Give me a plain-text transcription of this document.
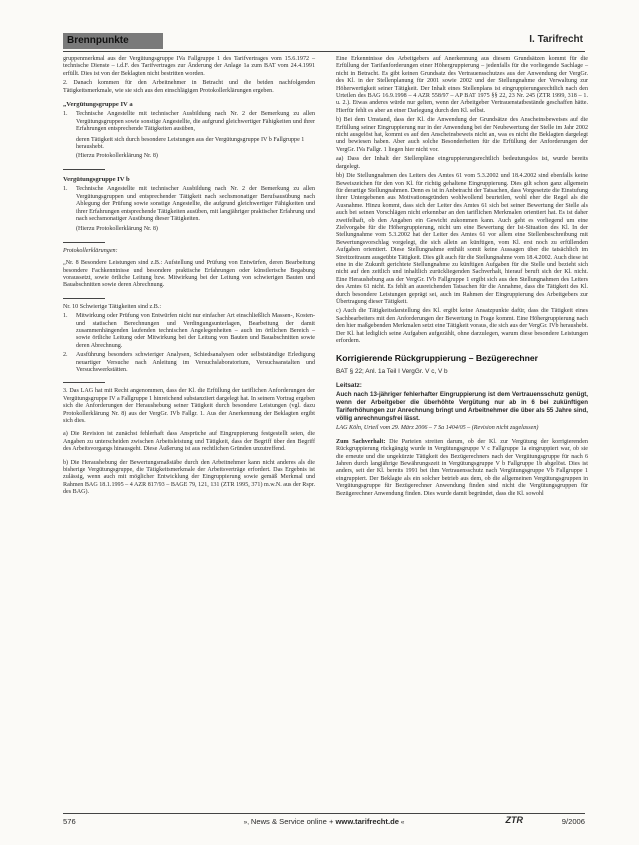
Brennpunkte	I. Tarifrecht

gruppenmerkmal aus der Vergütungsgruppe IVa Fallgruppe 1 des Tarifvertrages vom 15.6.1972 – technische Dienste – i.d.F. des Tarifvertrages zur Änderung der Anlage 1a zum BAT vom 24.4.1991 erfüllt. Dies ist von der Beklagten nicht bestritten worden.

2. Danach kommen für den Arbeitnehmer in Betracht und die beiden nachfolgenden Tätigkeitsmerkmale, wie sie sich aus den einschlägigen Protokollerklärungen ergeben.

„Vergütungsgruppe IV a
1. Technische Angestellte mit technischer Ausbildung nach Nr. 2 der Bemerkung zu allen Vergütungsgruppen sowie sonstige Angestellte, die aufgrund gleichwertiger Fähigkeiten und ihrer Erfahrungen entsprechende Tätigkeiten ausüben,
deren Tätigkeit sich durch besondere Leistungen aus der Vergütungsgruppe IV b Fallgruppe 1 heraushebt.
(Hierzu Protokollerklärung Nr. 8)
Vergütungsgruppe IV b
1. Technische Angestellte mit technischer Ausbildung nach Nr. 2 der Bemerkung zu allen Vergütungsgruppen und entsprechender Tätigkeit nach sechsmonatiger Berufsausübung nach Ablegung der Prüfung sowie sonstige Angestellte, die aufgrund gleichwertiger Fähigkeiten und ihrer Erfahrungen entsprechende Tätigkeiten ausüben, mit langjähriger praktischer Erfahrung und nach sechsmonatiger Ausübung dieser Tätigkeiten.
(Hierzu Protokollerklärung Nr. 8)
Protokollerklärungen:

„Nr. 8 Besondere Leistungen sind z.B.: Aufstellung und Prüfung von Entwürfen, deren Bearbeitung besondere Fachkenntnisse und besondere praktische Erfahrungen oder künstlerische Begabung voraussetzt, sowie örtliche Leitung bzw. Mitwirkung bei der Leitung von schwierigen Bauten und Bauabschnitten sowie deren Abrechnung.

Nr. 10 Schwierige Tätigkeiten sind z.B.:
1. Mitwirkung oder Prüfung von Entwürfen nicht nur einfacher Art einschließlich Massen-, Kosten- und statischen Berechnungen und Verdingungsunterlagen, Bearbeitung der damit zusammenhängenden laufenden technischen Angelegenheiten – auch im örtlichen Bereich – sowie örtliche Leitung oder Mitwirkung bei der Leitung von Bauten und Bauabschnitten sowie deren Abrechnung.
2. Ausführung besonders schwieriger Analysen, Schiedsanalysen oder selbstständige Erledigung neuartiger Versuche nach Anleitung im Versuchslaboratorium, Versuchsanstalten und Versuchswerkstätten.

3. Das LAG hat mit Recht angenommen, dass der Kl. die Erfüllung der tariflichen Anforderungen der Vergütungsgruppe IV a Fallgruppe 1 hinreichend substanziiert dargelegt hat. In seinem Vortrag ergeben sich die Anforderungen der Heraushebung seiner Tätigkeit durch besondere Leistungen (vgl. dazu Protokollerklärung Nr. 8) aus der VergGr. IVb Fallgr. 1. Aus der Anerkennung der Beklagten ergibt sich dies.

a) Die Revision ist zunächst fehlerhaft dass Ansprüche auf Eingruppierung festgestellt seien, die Angaben zu unterscheiden zwischen Arbeitsleistung und Tätigkeit, dass der Begriff über den Begriff des Arbeitsvorgangs hinausgeht. Diese Äußerung ist aus rechtlichen Gründen unzutreffend.

b) Die Heraushebung der Bewertungsmaßstäbe durch den Arbeitnehmer kann nicht anderes als die bisherige Vergütungsgruppe, die Tätigkeitsmerkmale der Arbeitsverträge erfordert. Das Ergebnis ist zulässig, wenn auch mit möglicher Entwicklung der Eingruppierung sowie gemäß Merkmal und Rahmen BAG 18.1.1995 – 4 AZR 817/93 – BAGE 79, 121, 131 (ZTR 1995, 371) m.w.N. aus der Rspr. des BAG).

Eine Erkenntnisse des Arbeitgebers auf Anerkennung aus diesem Grundsätzen kommt für die Erfüllung der Tarifanforderungen einer Höhergruppierung – jedenfalls für die vorliegende Sachlage – nicht in Betracht. Es gibt keinen Grundsatz des Vertrauensschutzes aus der Anwendung der VergGr. des Kl. in der Stellenplanung für 2001 sowie 2002 und der Stellungnahme der Verwaltung zur Höherwertigkeit seiner Tätigkeit. Der Inhalt eines Stellenplans ist eingruppierungsrechtlich nach den Urteilen des BAG 16.9.1998 – 4 AZR 558/97 – AP BAT 1975 §§ 22, 23 Nr. 245 (ZTR 1999, 318 – 1. u. 2.). Etwas anderes würde nur gelten, wenn der Arbeitgeber Vertrauenstatbestände geschaffen hätte. Hierfür fehlt es aber an einer Darlegung durch den Kl. selbst.

b) Bei dem Umstand, dass der Kl. die Anwendung der Grundsätze des Anscheinsbeweises auf die Erfüllung seiner Eingruppierung nur in der Anwendung bei der Neubewertung der Stelle im Jahr 2002 nicht ausgelöst hat, kommt es auf den Anscheinsbeweis nicht an, was es nicht die Beklagten dargelegt und bewiesen haben. Aber auch solche Besonderheiten für die Erfüllung der Anforderungen der VergGr. IVa Fallgr. 1 liegen hier nicht vor.

aa) Dass der Inhalt der Stellenpläne eingruppierungsrechtlich bedeutungslos ist, wurde bereits dargelegt.

bb) Die Stellungnahmen des Leiters des Amtes 61 vom 5.3.2002 und 18.4.2002 sind ebenfalls keine Beweiszeichen für den von Kl. für richtig gehaltene Eingruppierung. Dies gilt schon ganz allgemein für derartige Stellungnahmen. Denn es ist in Anbetracht der Tatsachen, dass Vorgesetzte die Einstufung ihrer Untergebenen aus Motivationsgründen wohlwollend beurteilen, wohl eher die Regel als die Ausnahme. Hinzu kommt, dass sich der Leiter des Amtes 61 sich bei seiner Bewertung der Stelle als auch bei seinen Vorschlägen nicht erkennbar an den tariflichen Merkmalen orientiert hat. Es ist daher zweifelhaft, ob den Angaben ein Gewicht zukommen kann. Auch geht es vorliegend um eine Zielvorgabe für die Höhergruppierung, nicht um eine Bewertung der Ist-Situation des Kl. In der Stellungnahme vom 5.3.2002 hat der Leiter des Amtes 61 vor allem eine Stellenbeschreibung mit Bewertungsvorschlag vorgelegt, die sich allein an künftigen, vom Kl. erst noch zu erfüllenden Aufgaben orientiert. Diese Stellungnahme enthält somit keine Aussagen über die tatsächlich im Streitzeitraum ausgeübte Tätigkeit. Dies gilt auch für die Stellungnahme vom 18.4.2002. Auch diese ist eine in die Zukunft gerichtete Stellungnahme zu künftigen Aufgaben für die Stelle und bezieht sich nicht auf den zeitlich und inhaltlich zurückliegenden Sachverhalt, hierauf beruft sich der Kl. nicht. Eine Heraushebung aus der VergGr. IVb Fallgruppe 1 ergibt sich aus den Stellungnahmen des Leiters des Amtes 61 nicht. Es fehlt an ausreichenden Tatsachen für die Annahme, dass die Tätigkeit des Kl. durch besondere Leistungen geprägt sei, auch im Rahmen der Eingruppierung des Arbeitgebers zur Übertragung dieser Tätigkeit.

c) Auch die Tätigkeitsdarstellung des Kl. ergibt keine Ansatzpunkte dafür, dass die Tätigkeit eines Sachbearbeiters mit den Anforderungen der Bewertung in Frage kommt. Eine Höhergruppierung nach den hier maßgebenden Merkmalen setzt eine Tätigkeit voraus, die sich aus der VergGr. IVb heraushebt. Der Kl. hat lediglich seine Aufgaben aufgezählt, ohne darzulegen, warum diese besondere Leistungen erfordern.

Korrigierende Rückgruppierung – Bezügerechner
BAT § 22; Anl. 1a Teil I VergGr. V c, V b
Leitsatz:
Auch nach 13-jähriger fehlerhafter Eingruppierung ist dem Vertrauensschutz genügt, wenn der Arbeitgeber die überhöhte Vergütung nur ab in 6 bei zukünftigen Tariferhöhungen zur Anrechnung bringt und Arbeitnehmer die über als 55 Jahre sind, völlig anrechnungsfrei lässt.
LAG Köln, Urteil vom 29. März 2006 – 7 Sa 1404/05 – (Revision nicht zugelassen)

Zum Sachverhalt: Die Parteien streiten darum, ob der Kl. zur Vergütung der korrigierenden Rückgruppierung rückgängig wurde in Vergütungsgruppe V c Fallgruppe 1a eingruppiert war, ob sie die erneute und die ungekürzte Tätigkeit des Bezügerechners nach der Vergütungsgruppe für nach 6 Jahren durch langjährige Bewährungszeit in Vergütungsgruppe V b Fallgruppe 1b abgelöst. Dies ist anders, seit der Kl. bereits 1991 bei ihm Vertrauensschutz nach Vergütungsgruppe Vb Fallgruppe 1 eingruppiert. Der Beklagte als ein solcher betrieb aus dem, ob die allgemeinen Vergütungsgruppen in Vergütungsgruppe für Bezügerechner Anwendung finden sind nicht die Vergütungsgruppen für Bezügerechner Anwendung finden. Dies wurde damit begründet, dass die Kl. sowohl

576	», News & Service online + www.tarifrecht.de «	ZTR	9/2006
